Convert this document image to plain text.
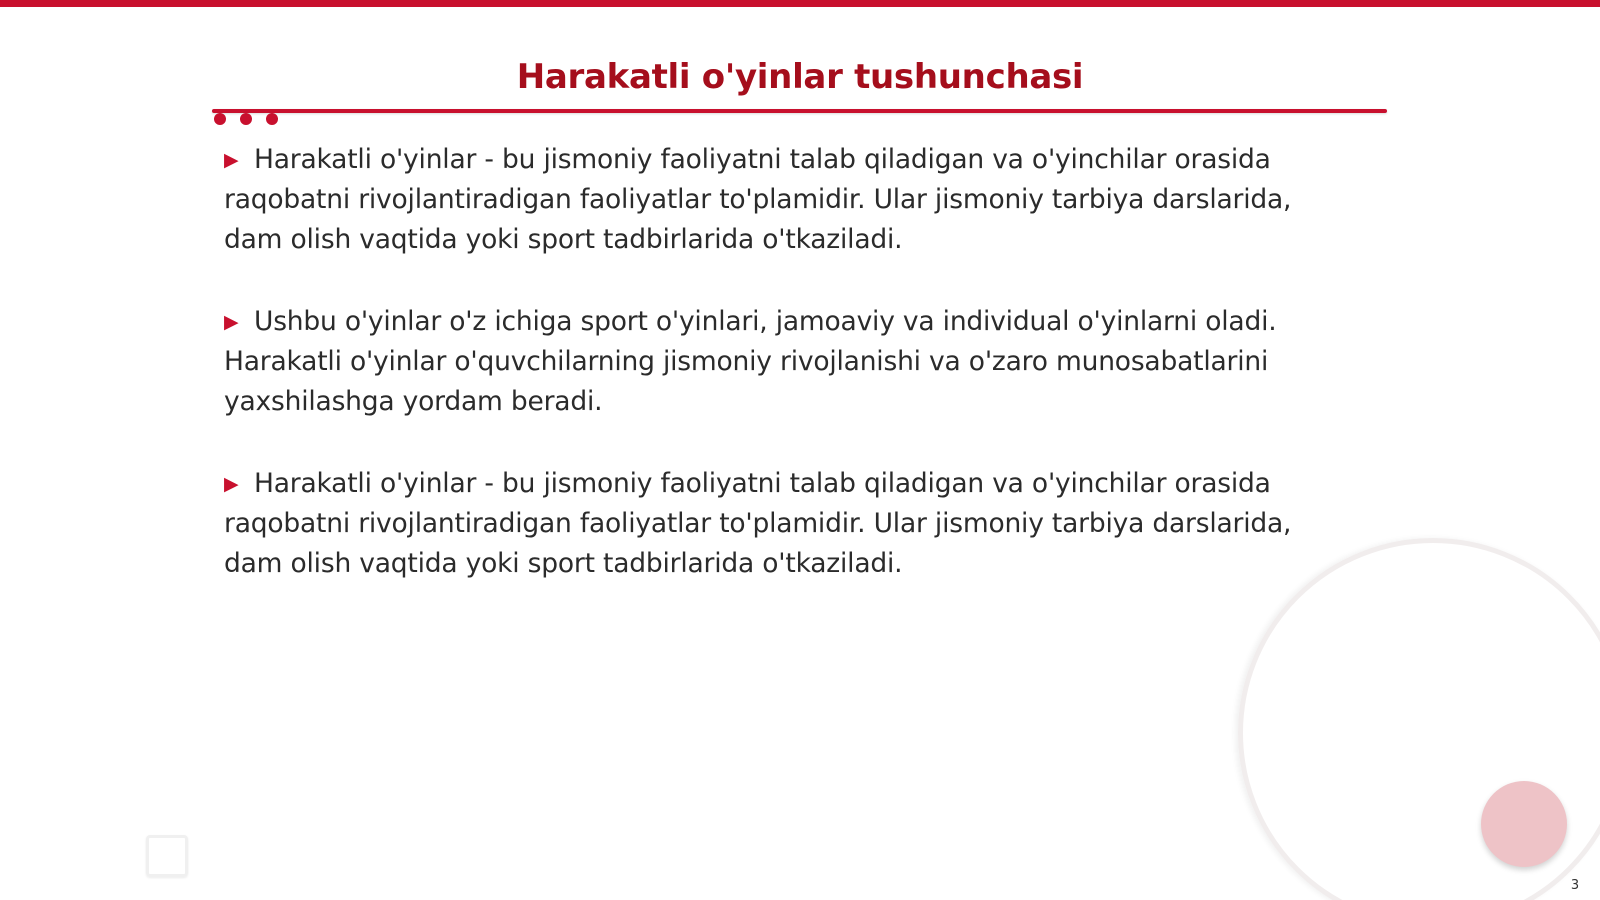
Harakatli o'yinlar tushunchasi

▶ Harakatli o'yinlar - bu jismoniy faoliyatni talab qiladigan va o'yinchilar orasida raqobatni rivojlantiradigan faoliyatlar to'plamidir. Ular jismoniy tarbiya darslarida, dam olish vaqtida yoki sport tadbirlarida o'tkaziladi.

▶ Ushbu o'yinlar o'z ichiga sport o'yinlari, jamoaviy va individual o'yinlarni oladi. Harakatli o'yinlar o'quvchilarning jismoniy rivojlanishi va o'zaro munosabatlarini yaxshilashga yordam beradi.

▶ Harakatli o'yinlar - bu jismoniy faoliyatni talab qiladigan va o'yinchilar orasida raqobatni rivojlantiradigan faoliyatlar to'plamidir. Ular jismoniy tarbiya darslarida, dam olish vaqtida yoki sport tadbirlarida o'tkaziladi.

3
